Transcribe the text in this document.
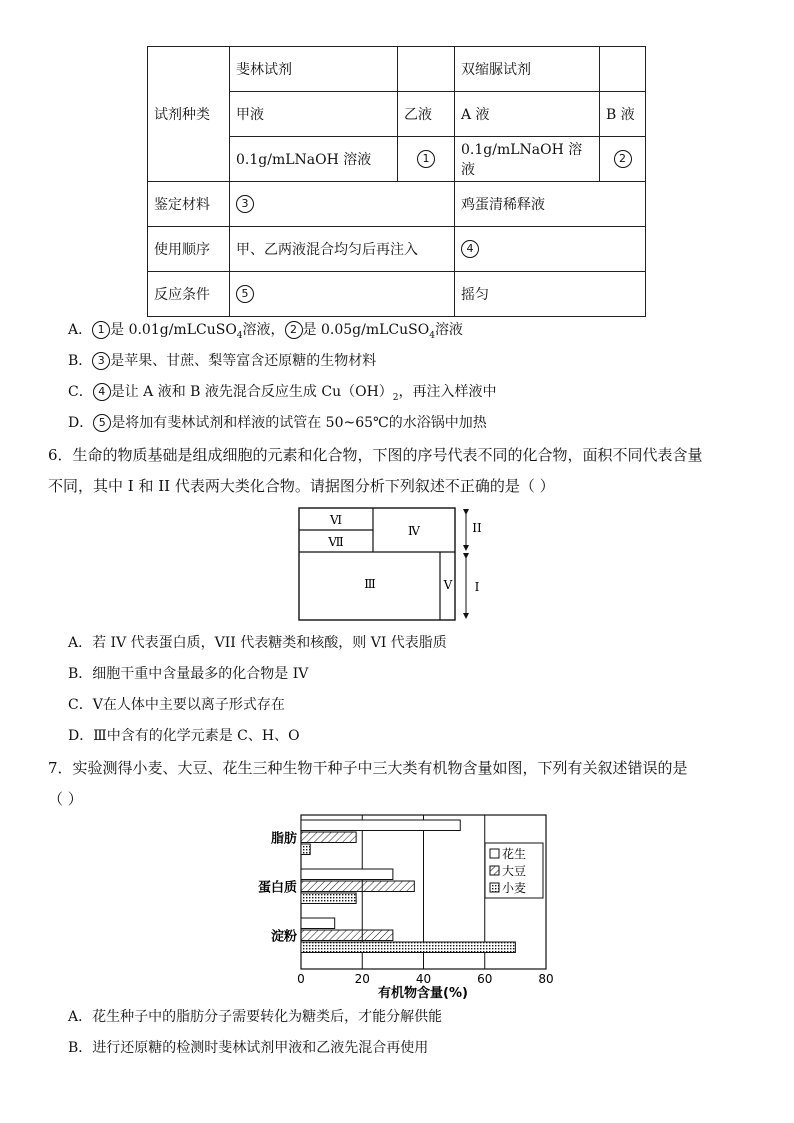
试剂种类	斐林试剂		双缩脲试剂	
	甲液	乙液	A 液	B 液
	0.1g/mLNaOH 溶液	1	0.1g/mLNaOH 溶液	2
鉴定材料	3		鸡蛋清稀释液	
使用顺序	甲、乙两液混合均匀后再注入		4	
反应条件	5		摇匀	
A． 1 是 0.01g/mLCuSO$_4$溶液， 2 是 0.05g/mLCuSO$_4$溶液
B． 3 是苹果、甘蔗、梨等富含还原糖的生物材料
C． 4 是让 A 液和 B 液先混合反应生成 $Cu(OH)_2$，再注入样液中
D． 5 是将加有斐林试剂和样液的试管在 50~65℃的水浴锅中加热
6．生命的物质基础是组成细胞的元素和化合物，下图的序号代表不同的化合物，面积不同代表含量
不同，其中 I 和 II 代表两大类化合物。请据图分析下列叙述不正确的是（ ）
Ⅵ
Ⅶ
Ⅳ
Ⅲ	Ⅴ
II
I
A．若 IV 代表蛋白质，VII 代表糖类和核酸，则 VI 代表脂质
B．细胞干重中含量最多的化合物是 IV
C．Ⅴ在人体中主要以离子形式存在
D．Ⅲ中含有的化学元素是 C、H、O
7．实验测得小麦、大豆、花生三种生物干种子中三大类有机物含量如图，下列有关叙述错误的是
（ ）
脂肪
蛋白质
淀粉
0	20	40	60	80
花生
大豆
小麦
有机物含量(%)
A．花生种子中的脂肪分子需要转化为糖类后，才能分解供能
B．进行还原糖的检测时斐林试剂甲液和乙液先混合再使用
